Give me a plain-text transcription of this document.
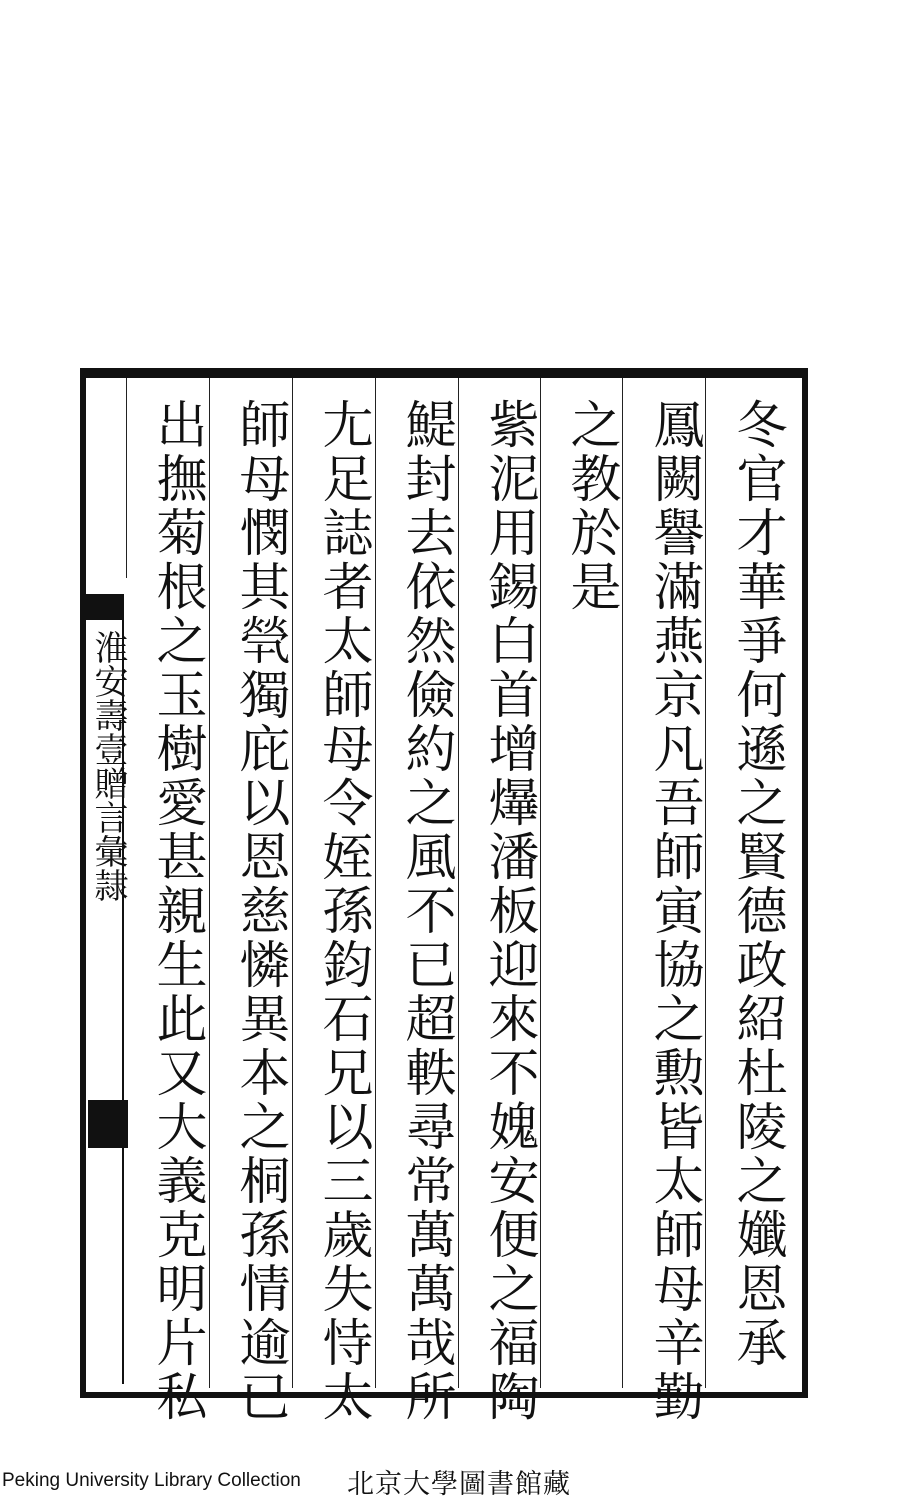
淮安壽壹贈言彙隷	冬官才華爭何遜之賢德政紹杜陵之孅恩承
鳳闕譽滿燕京凡吾師寅協之勲皆太師母辛勤
之教於是
紫泥用錫白首增爗潘板迎來不媿安便之福陶
鯷封去依然儉約之風不已超軼尋常萬萬哉所
尢足誌者太師母令姪孫鈞石兄以三歲失恃太
師母憫其煢獨庇以恩慈憐異本之桐孫情逾已
出撫菊根之玉樹愛甚親生此又大義克明片私
Peking University Library Collection 北京大學圖書館藏
